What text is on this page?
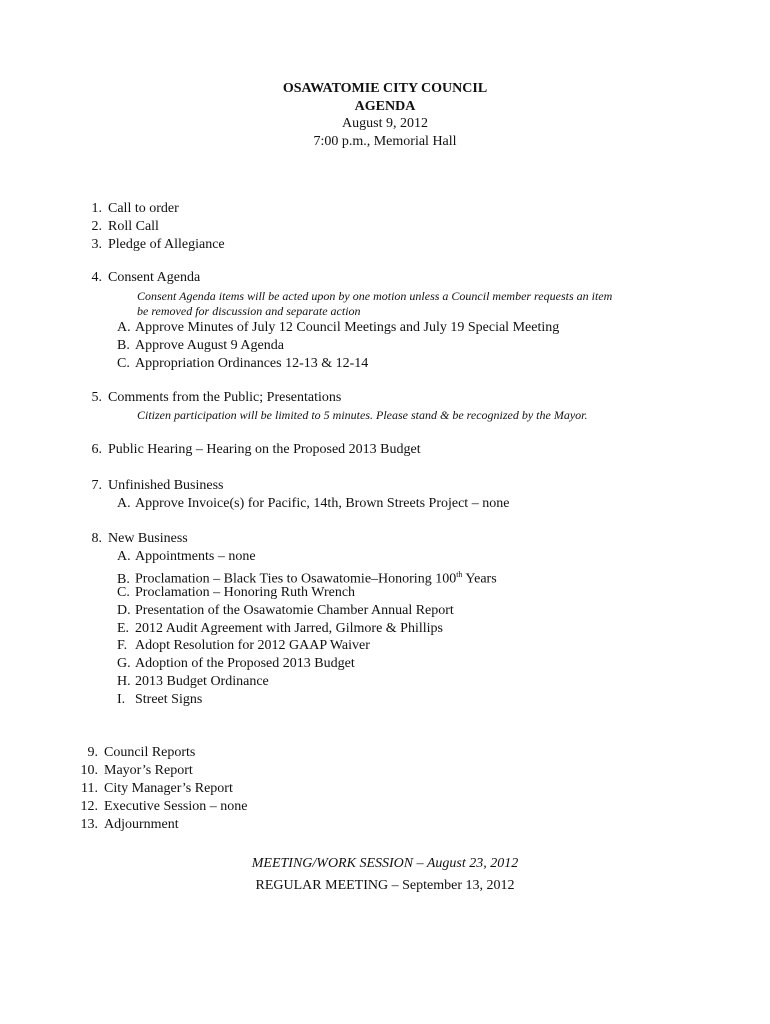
OSAWATOMIE CITY COUNCIL
AGENDA
August 9, 2012
7:00 p.m., Memorial Hall
1. Call to order
2. Roll Call
3. Pledge of Allegiance
4. Consent Agenda
Consent Agenda items will be acted upon by one motion unless a Council member requests an item
be removed for discussion and separate action
A. Approve Minutes of July 12 Council Meetings and July 19 Special Meeting
B. Approve August 9 Agenda
C. Appropriation Ordinances 12-13 & 12-14
5. Comments from the Public; Presentations
Citizen participation will be limited to 5 minutes. Please stand & be recognized by the Mayor.
6. Public Hearing – Hearing on the Proposed 2013 Budget
7. Unfinished Business
A. Approve Invoice(s) for Pacific, 14th, Brown Streets Project – none
8. New Business
A. Appointments – none
B. Proclamation – Black Ties to Osawatomie–Honoring 100th Years
C. Proclamation – Honoring Ruth Wrench
D. Presentation of the Osawatomie Chamber Annual Report
E. 2012 Audit Agreement with Jarred, Gilmore & Phillips
F. Adopt Resolution for 2012 GAAP Waiver
G. Adoption of the Proposed 2013 Budget
H. 2013 Budget Ordinance
I. Street Signs
9. Council Reports
10. Mayor’s Report
11. City Manager’s Report
12. Executive Session – none
13. Adjournment
MEETING/WORK SESSION – August 23, 2012
REGULAR MEETING – September 13, 2012
